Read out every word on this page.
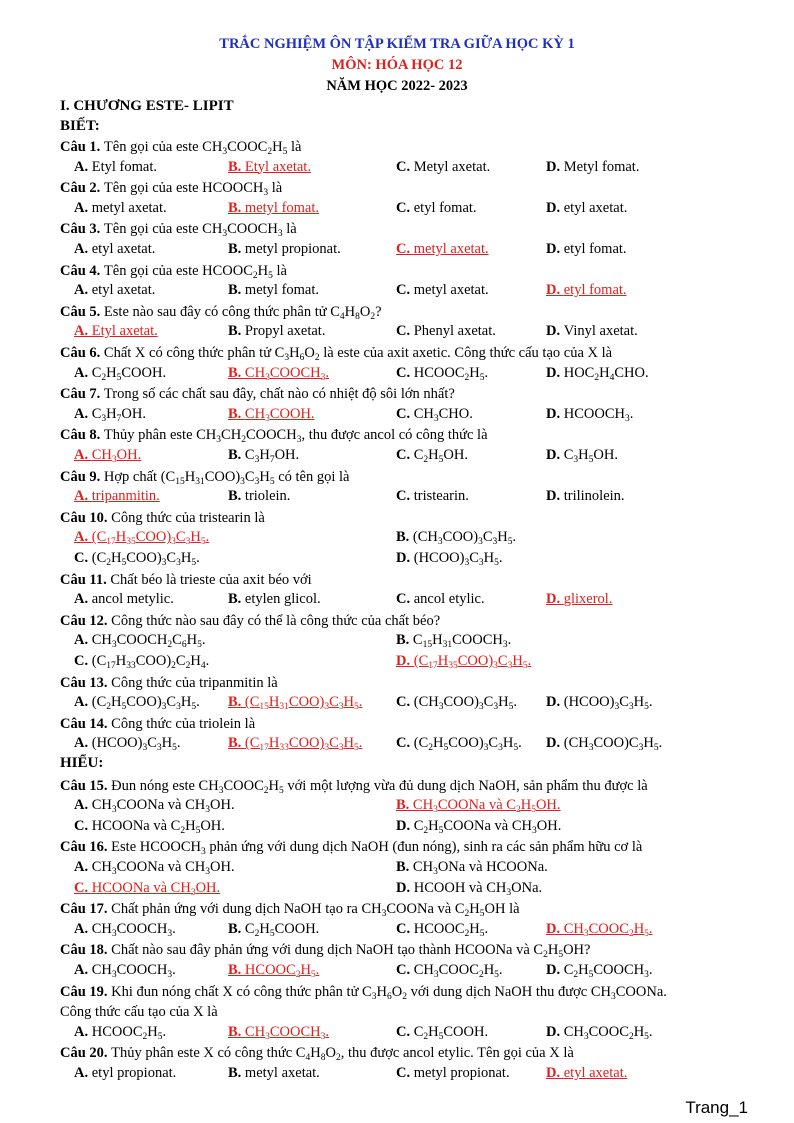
TRẮC NGHIỆM ÔN TẬP KIỂM TRA GIỮA HỌC KỲ 1
MÔN: HÓA HỌC 12
NĂM HỌC 2022- 2023
I. CHƯƠNG ESTE- LIPIT
BIẾT:
Câu 1. Tên gọi của este $CH_3COOC_2H_5$ là
A. Etyl fomat.	B. Etyl axetat.	C. Metyl axetat.	D. Metyl fomat.
Câu 2. Tên gọi của este $HCOOCH_3$ là
A. metyl axetat.	B. metyl fomat.	C. etyl fomat.	D. etyl axetat.
Câu 3. Tên gọi của este $CH_3COOCH_3$ là
A. etyl axetat.	B. metyl propionat.	C. metyl axetat.	D. etyl fomat.
Câu 4. Tên gọi của este $HCOOC_2H_5$ là
A. etyl axetat.	B. metyl fomat.	C. metyl axetat.	D. etyl fomat.
Câu 5. Este nào sau đây có công thức phân tử $C_4H_8O_2$?
A. Etyl axetat.	B. Propyl axetat.	C. Phenyl axetat.	D. Vinyl axetat.
Câu 6. Chất X có công thức phân tử $C_3H_6O_2$ là este của axit axetic. Công thức cấu tạo của X là
A. $C_2H_5COOH$.	B. $CH_3COOCH_3$.	C. $HCOOC_2H_5$.	D. $HOC_2H_4CHO$.
Câu 7. Trong số các chất sau đây, chất nào có nhiệt độ sôi lớn nhất?
A. $C_3H_7OH$.	B. $CH_3COOH$.	C. $CH_3CHO$.	D. $HCOOCH_3$.
Câu 8. Thủy phân este $CH_3CH_2COOCH_3$, thu được ancol có công thức là
A. $CH_3OH$.	B. $C_3H_7OH$.	C. $C_2H_5OH$.	D. $C_3H_5OH$.
Câu 9. Hợp chất $(C_{15}H_{31}COO)_3C_3H_5$ có tên gọi là
A. tripanmitin.	B. triolein.	C. tristearin.	D. trilinolein.
Câu 10. Công thức của tristearin là
A. $(C_{17}H_{35}COO)_3C_3H_5$.	B. $(CH_3COO)_3C_3H_5$.
C. $(C_2H_5COO)_3C_3H_5$.	D. $(HCOO)_3C_3H_5$.
Câu 11. Chất béo là trieste của axit béo với
A. ancol metylic.	B. etylen glicol.	C. ancol etylic.	D. glixerol.
Câu 12. Công thức nào sau đây có thể là công thức của chất béo?
A. $CH_3COOCH_2C_6H_5$.	B. $C_{15}H_{31}COOCH_3$.
C. $(C_{17}H_{33}COO)_2C_2H_4$.	D. $(C_{17}H_{35}COO)_3C_3H_5$.
Câu 13. Công thức của tripanmitin là
A. $(C_2H_5COO)_3C_3H_5$. B. $(C_{15}H_{31}COO)_3C_3H_5$. C. $(CH_3COO)_3C_3H_5$. D. $(HCOO)_3C_3H_5$.
Câu 14. Công thức của triolein là
A. $(HCOO)_3C_3H_5$.	B. $(C_{17}H_{33}COO)_3C_3H_5$. C. $(C_2H_5COO)_3C_3H_5$. D. $(CH_3COO)C_3H_5$.
HIỂU:
Câu 15. Đun nóng este $CH_3COOC_2H_5$ với một lượng vừa đủ dung dịch NaOH, sản phẩm thu được là
A. $CH_3COONa$ và $CH_3OH$.	B. $CH_3COONa$ và $C_2H_5OH$.
C. HCOONa và $C_2H_5OH$.	D. $C_2H_5COONa$ và $CH_3OH$.
Câu 16. Este $HCOOCH_3$ phản ứng với dung dịch NaOH (đun nóng), sinh ra các sản phẩm hữu cơ là
A. $CH_3COONa$ và $CH_3OH$.	B. $CH_3ONa$ và HCOONa.
C. HCOONa và $CH_3OH$.	D. HCOOH và $CH_3ONa$.
Câu 17. Chất phản ứng với dung dịch NaOH tạo ra $CH_3COONa$ và $C_2H_5OH$ là
A. $CH_3COOCH_3$.	B. $C_2H_5COOH$.	C. $HCOOC_2H_5$.	D. $CH_3COOC_2H_5$.
Câu 18. Chất nào sau đây phản ứng với dung dịch NaOH tạo thành HCOONa và $C_2H_5OH$?
A. $CH_3COOCH_3$.	B. $HCOOC_2H_5$.	C. $CH_3COOC_2H_5$.	D. $C_2H_5COOCH_3$.
Câu 19. Khi đun nóng chất X có công thức phân tử $C_3H_6O_2$ với dung dịch NaOH thu được $CH_3COONa$.
Công thức cấu tạo của X là
A. $HCOOC_2H_5$.	B. $CH_3COOCH_3$.	C. $C_2H_5COOH$.	D. $CH_3COOC_2H_5$.
Câu 20. Thủy phân este X có công thức $C_4H_8O_2$, thu được ancol etylic. Tên gọi của X là
A. etyl propionat.	B. metyl axetat.	C. metyl propionat.	D. etyl axetat.
Trang_1
